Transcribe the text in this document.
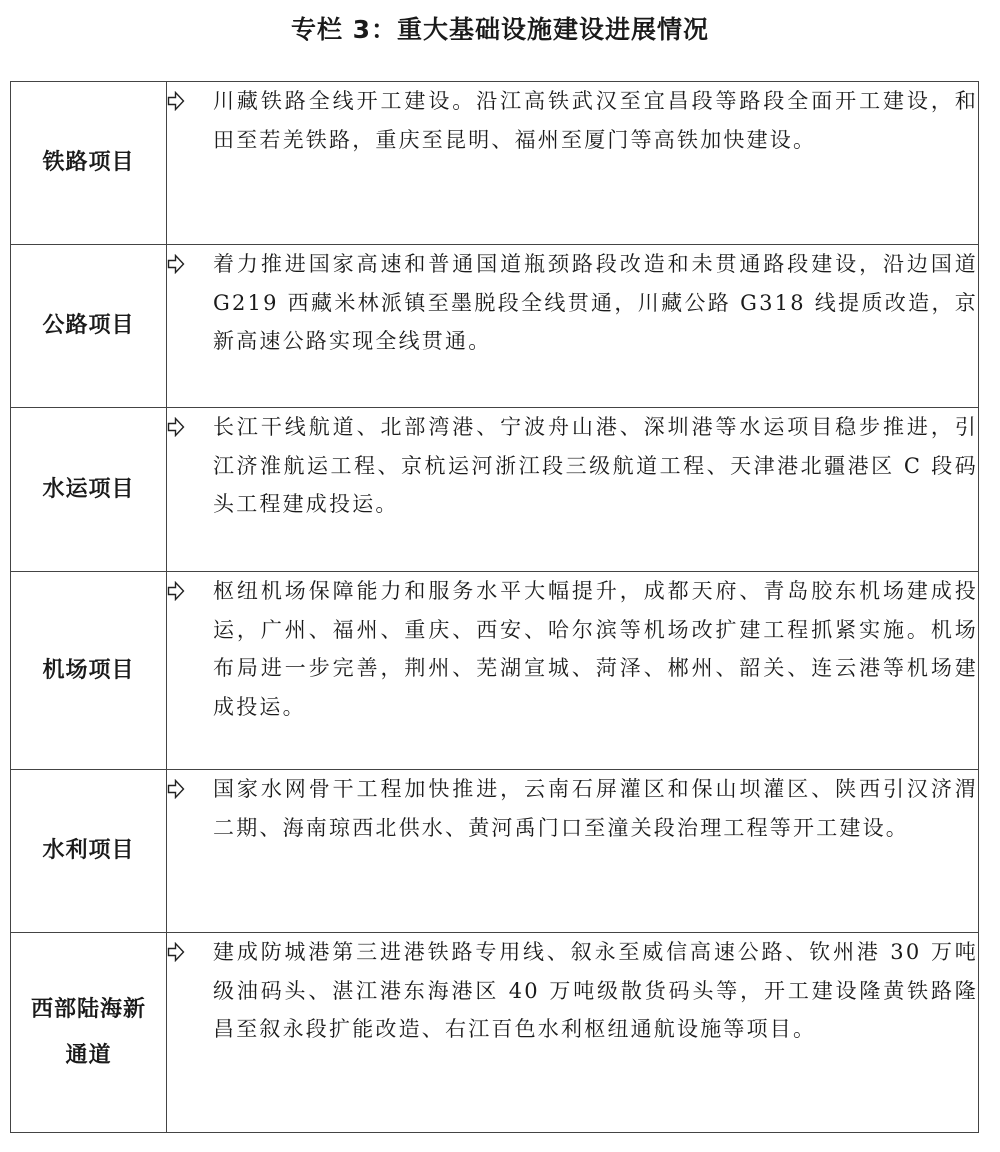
专栏 3：重大基础设施建设进展情况
铁路项目	川藏铁路全线开工建设。沿江高铁武汉至宜昌段等路段全面开工建设，和田至若羌铁路，重庆至昆明、福州至厦门等高铁加快建设。

公路项目	着力推进国家高速和普通国道瓶颈路段改造和未贯通路段建设，沿边国道 G219 西藏米林派镇至墨脱段全线贯通，川藏公路 G318 线提质改造，京新高速公路实现全线贯通。

水运项目	长江干线航道、北部湾港、宁波舟山港、深圳港等水运项目稳步推进，引江济淮航运工程、京杭运河浙江段三级航道工程、天津港北疆港区 C 段码头工程建成投运。

机场项目	枢纽机场保障能力和服务水平大幅提升，成都天府、青岛胶东机场建成投运，广州、福州、重庆、西安、哈尔滨等机场改扩建工程抓紧实施。机场布局进一步完善，荆州、芜湖宣城、菏泽、郴州、韶关、连云港等机场建成投运。

水利项目	国家水网骨干工程加快推进，云南石屏灌区和保山坝灌区、陕西引汉济渭二期、海南琼西北供水、黄河禹门口至潼关段治理工程等开工建设。

西部陆海新通道	建成防城港第三进港铁路专用线、叙永至威信高速公路、钦州港 30 万吨级油码头、湛江港东海港区 40 万吨级散货码头等，开工建设隆黄铁路隆昌至叙永段扩能改造、右江百色水利枢纽通航设施等项目。
